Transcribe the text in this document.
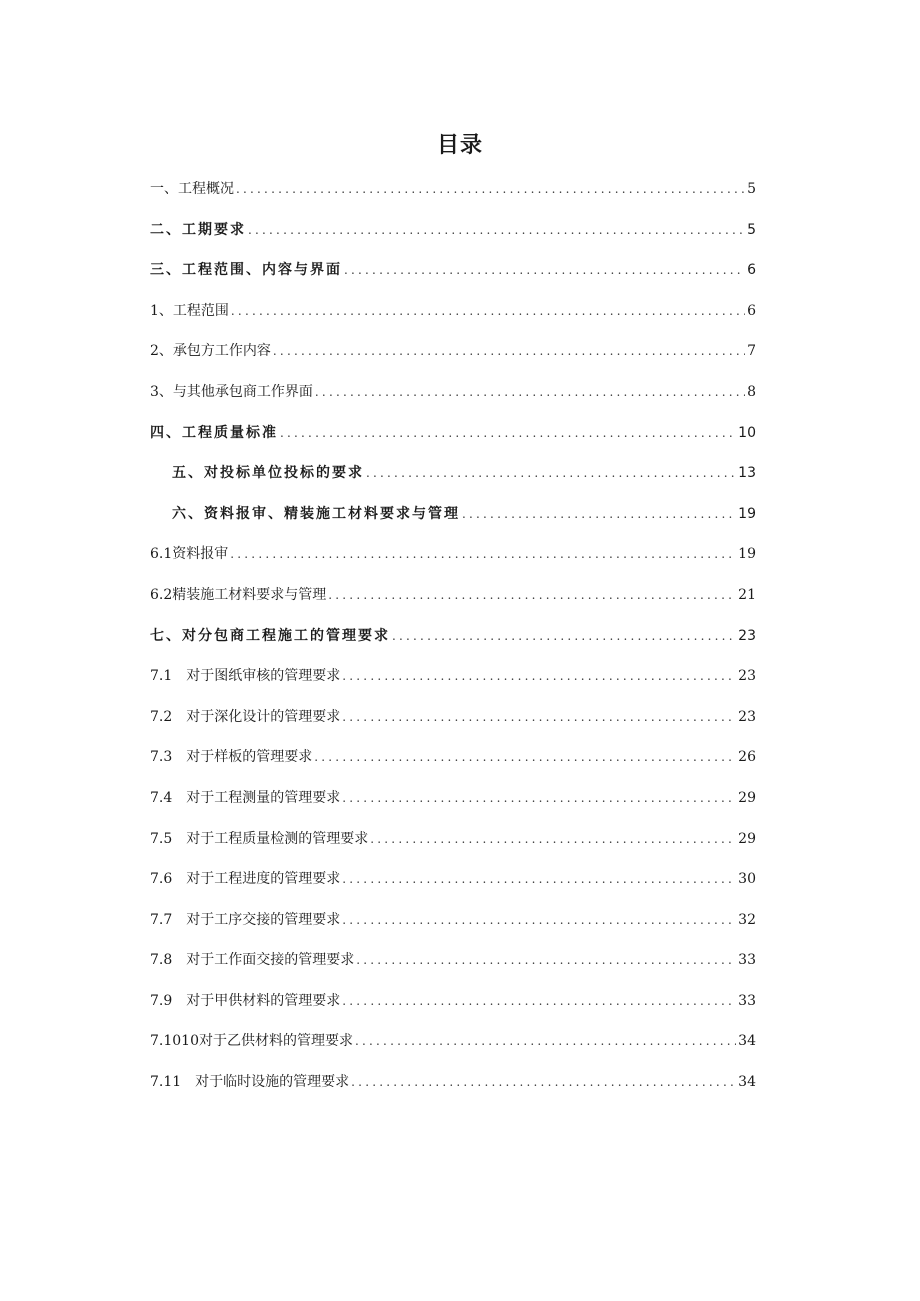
目录
一、工程概况 .....	5
二、工期要求 .....	5
三、工程范围、内容与界面 .....	6
1、工程范围 .....	6
2、承包方工作内容 .....	7
3、与其他承包商工作界面 .....	8
四、工程质量标准 .....	10
五、对投标单位投标的要求 .....	13
六、资料报审、精装施工材料要求与管理 .....	19
6.1资料报审 .....	19
6.2精装施工材料要求与管理 .....	21
七、对分包商工程施工的管理要求 .....	23
7.1　对于图纸审核的管理要求 .....	23
7.2　对于深化设计的管理要求 .....	23
7.3　对于样板的管理要求 .....	26
7.4　对于工程测量的管理要求 .....	29
7.5　对于工程质量检测的管理要求 .....	29
7.6　对于工程进度的管理要求 .....	30
7.7　对于工序交接的管理要求 .....	32
7.8　对于工作面交接的管理要求 .....	33
7.9　对于甲供材料的管理要求 .....	33
7.1010对于乙供材料的管理要求 .....	34
7.11　对于临时设施的管理要求 .....	34
